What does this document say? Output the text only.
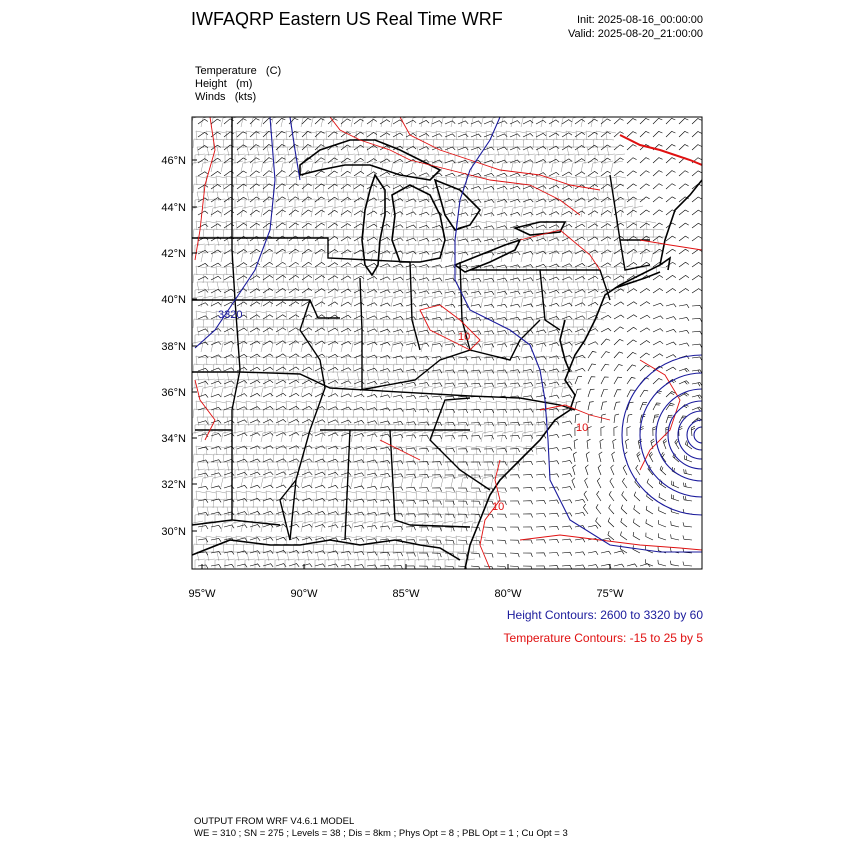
IWFAQRP Eastern US Real Time WRF	Init: 2025-08-16_00:00:00
Valid: 2025-08-20_21:00:00
Temperature   (C)
Height   (m)
Winds   (kts)
3320
10
10
10
46°N
44°N
42°N
40°N
38°N
36°N
34°N
32°N
30°N
95°W	90°W	85°W	80°W	75°W
Height Contours: 2600 to 3320 by 60
Temperature Contours: -15 to 25 by 5
OUTPUT FROM WRF V4.6.1 MODEL
WE = 310 ; SN = 275 ; Levels = 38 ; Dis = 8km ; Phys Opt = 8 ; PBL Opt = 1 ; Cu Opt = 3
